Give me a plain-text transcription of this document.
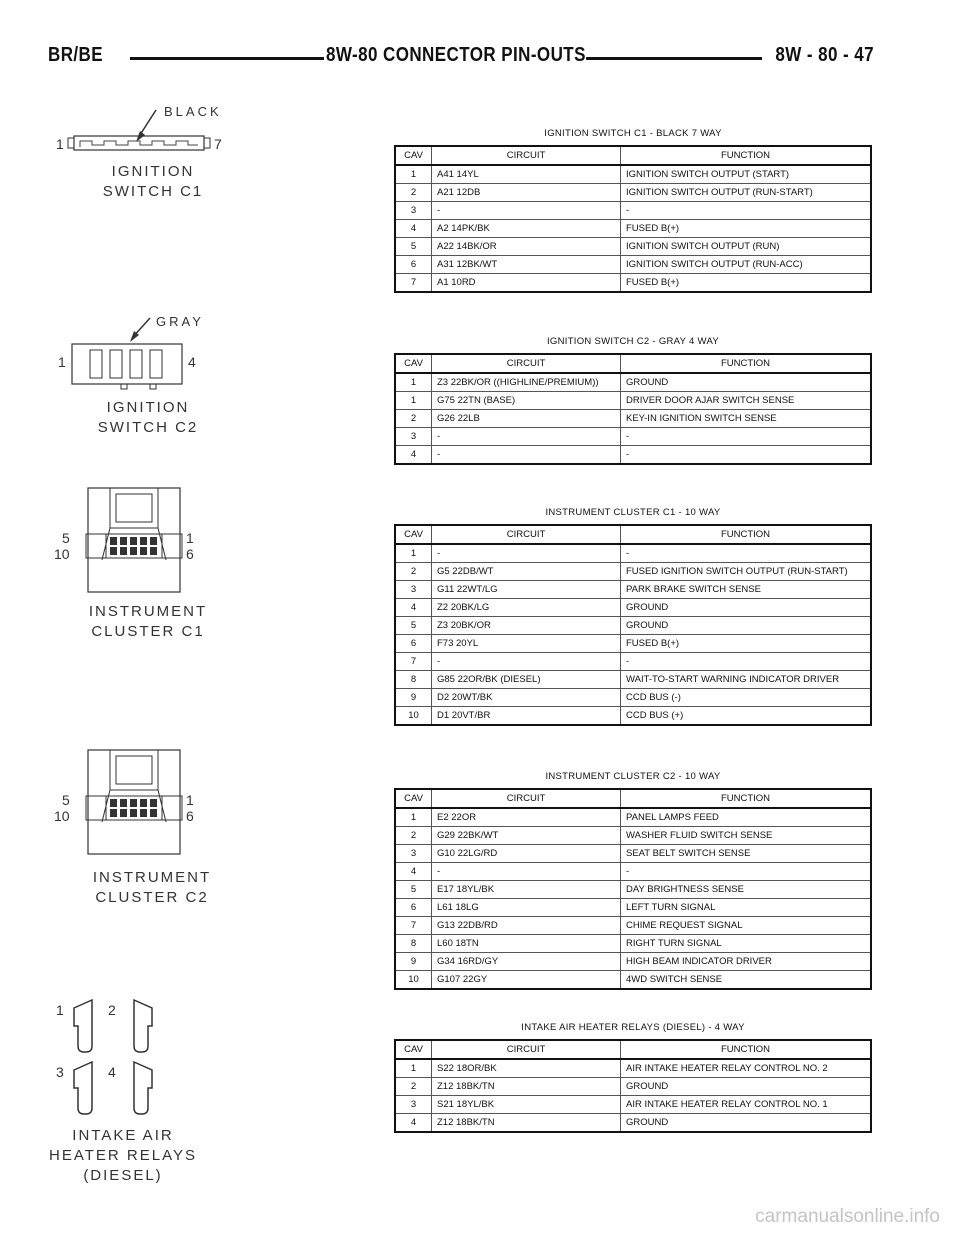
BR/BE	8W-80 CONNECTOR PIN-OUTS	8W - 80 - 47
1	7
BLACK
IGNITION
SWITCH C1
1	4
GRAY
IGNITION
SWITCH C2
5
10
1
6
INSTRUMENT
CLUSTER C1
5
10
1
6
INSTRUMENT
CLUSTER C2
1	2
3	4
INTAKE AIR
HEATER RELAYS
(DIESEL)
IGNITION SWITCH C1 - BLACK 7 WAY
CAV	CIRCUIT	FUNCTION
1	A41 14YL	IGNITION SWITCH OUTPUT (START)
2	A21 12DB	IGNITION SWITCH OUTPUT (RUN-START)
3	-	-
4	A2 14PK/BK	FUSED B(+)
5	A22 14BK/OR	IGNITION SWITCH OUTPUT (RUN)
6	A31 12BK/WT	IGNITION SWITCH OUTPUT (RUN-ACC)
7	A1 10RD	FUSED B(+)
IGNITION SWITCH C2 - GRAY 4 WAY
CAV	CIRCUIT	FUNCTION
1	Z3 22BK/OR ((HIGHLINE/PREMIUM))	GROUND
1	G75 22TN (BASE)	DRIVER DOOR AJAR SWITCH SENSE
2	G26 22LB	KEY-IN IGNITION SWITCH SENSE
3	-	-
4	-	-
INSTRUMENT CLUSTER C1 - 10 WAY
CAV	CIRCUIT	FUNCTION
1	-	-
2	G5 22DB/WT	FUSED IGNITION SWITCH OUTPUT (RUN-START)
3	G11 22WT/LG	PARK BRAKE SWITCH SENSE
4	Z2 20BK/LG	GROUND
5	Z3 20BK/OR	GROUND
6	F73 20YL	FUSED B(+)
7	-	-
8	G85 22OR/BK (DIESEL)	WAIT-TO-START WARNING INDICATOR DRIVER
9	D2 20WT/BK	CCD BUS (-)
10	D1 20VT/BR	CCD BUS (+)
INSTRUMENT CLUSTER C2 - 10 WAY
CAV	CIRCUIT	FUNCTION
1	E2 22OR	PANEL LAMPS FEED
2	G29 22BK/WT	WASHER FLUID SWITCH SENSE
3	G10 22LG/RD	SEAT BELT SWITCH SENSE
4	-	-
5	E17 18YL/BK	DAY BRIGHTNESS SENSE
6	L61 18LG	LEFT TURN SIGNAL
7	G13 22DB/RD	CHIME REQUEST SIGNAL
8	L60 18TN	RIGHT TURN SIGNAL
9	G34 16RD/GY	HIGH BEAM INDICATOR DRIVER
10	G107 22GY	4WD SWITCH SENSE
INTAKE AIR HEATER RELAYS (DIESEL) - 4 WAY
CAV	CIRCUIT	FUNCTION
1	S22 18OR/BK	AIR INTAKE HEATER RELAY CONTROL NO. 2
2	Z12 18BK/TN	GROUND
3	S21 18YL/BK	AIR INTAKE HEATER RELAY CONTROL NO. 1
4	Z12 18BK/TN	GROUND
carmanualsonline.info
